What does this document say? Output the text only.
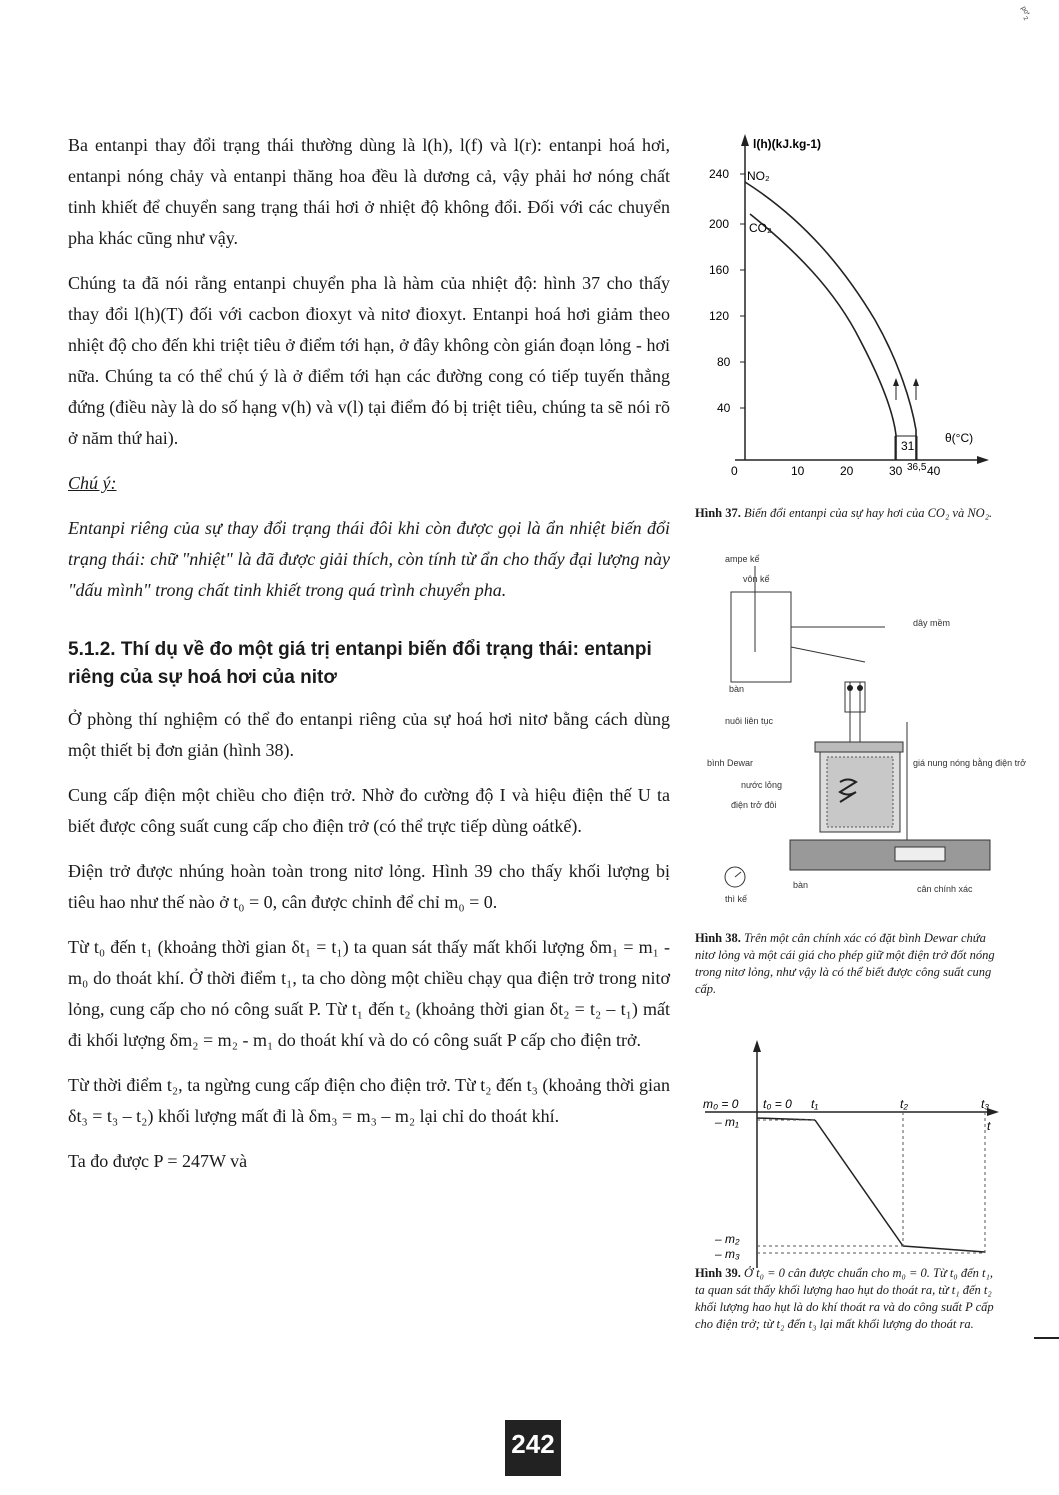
ᵖᵒ'₂

Ba entanpi thay đổi trạng thái thường dùng là l(h), l(f) và l(r): entanpi hoá hơi, entanpi nóng chảy và entanpi thăng hoa đều là dương cả, vậy phải hơ nóng chất tinh khiết để chuyển sang trạng thái hơi ở nhiệt độ không đổi. Đối với các chuyển pha khác cũng như vậy.

Chúng ta đã nói rằng entanpi chuyển pha là hàm của nhiệt độ: hình 37 cho thấy thay đổi l(h)(T) đối với cacbon đioxyt và nitơ đioxyt. Entanpi hoá hơi giảm theo nhiệt độ cho đến khi triệt tiêu ở điểm tới hạn, ở đây không còn gián đoạn lỏng - hơi nữa. Chúng ta có thể chú ý là ở điểm tới hạn các đường cong có tiếp tuyến thẳng đứng (điều này là do số hạng v(h) và v(l) tại điểm đó bị triệt tiêu, chúng ta sẽ nói rõ ở năm thứ hai).

Chú ý:

Entanpi riêng của sự thay đổi trạng thái đôi khi còn được gọi là ẩn nhiệt biến đổi trạng thái: chữ "nhiệt" là đã được giải thích, còn tính từ ẩn cho thấy đại lượng này "dấu mình" trong chất tinh khiết trong quá trình chuyển pha.

5.1.2. Thí dụ về đo một giá trị entanpi biến đổi trạng thái: entanpi riêng của sự hoá hơi của nitơ

Ở phòng thí nghiệm có thể đo entanpi riêng của sự hoá hơi nitơ bằng cách dùng một thiết bị đơn giản (hình 38).

Cung cấp điện một chiều cho điện trở. Nhờ đo cường độ I và hiệu điện thế U ta biết được công suất cung cấp cho điện trở (có thể trực tiếp dùng oátkế).

Điện trở được nhúng hoàn toàn trong nitơ lỏng. Hình 39 cho thấy khối lượng bị tiêu hao như thế nào ở t₀ = 0, cân được chỉnh để chỉ m₀ = 0.

Từ t₀ đến t₁ (khoảng thời gian δt₁ = t₁) ta quan sát thấy mất khối lượng δm₁ = m₁ - m₀ do thoát khí. Ở thời điểm t₁, ta cho dòng một chiều chạy qua điện trở trong nitơ lỏng, cung cấp cho nó công suất P. Từ t₁ đến t₂ (khoảng thời gian δt₂ = t₂ – t₁) mất đi khối lượng δm₂ = m₂ - m₁ do thoát khí và do có công suất P cấp cho điện trở.

Từ thời điểm t₂, ta ngừng cung cấp điện cho điện trở. Từ t₂ đến t₃ (khoảng thời gian δt₃ = t₃ – t₂) khối lượng mất đi là δm₃ = m₃ – m₂ lại chỉ do thoát khí.

Ta đo được P = 247W và

l(h)(kJ.kg-1)
240
200
160
120
80
40
0	10	20	30 36,5 40
31
θ(°C)
NO₂
CO₂
Hình 37. Biến đổi entanpi của sự hay hơi của CO₂ và NO₂.
ampe kế
vôn kế
dây mềm
bàn
nuôi liên tục
bình Dewar	giá nung nóng bằng điện trở
nước lỏng
điện trở đôi
thì kế
bàn	cân chính xác
Hình 38. Trên một cân chính xác có đặt bình Dewar chứa nitơ lỏng và một cái giá cho phép giữ một điện trở đốt nóng trong nitơ lỏng, như vậy là có thể biết được công suất cung cấp.
m₀ = 0 t₀ = 0 t₁	t₂	t₃
t
– m₁
– m₂
– m₃
Hình 39. Ở t₀ = 0 cân được chuẩn cho m₀ = 0. Từ t₀ đến t₁, ta quan sát thấy khối lượng hao hụt do thoát ra, từ t₁ đến t₂ khối lượng hao hụt là do khí thoát ra và do công suất P cấp cho điện trở; từ t₂ đến t₃ lại mất khối lượng do thoát ra.
242
